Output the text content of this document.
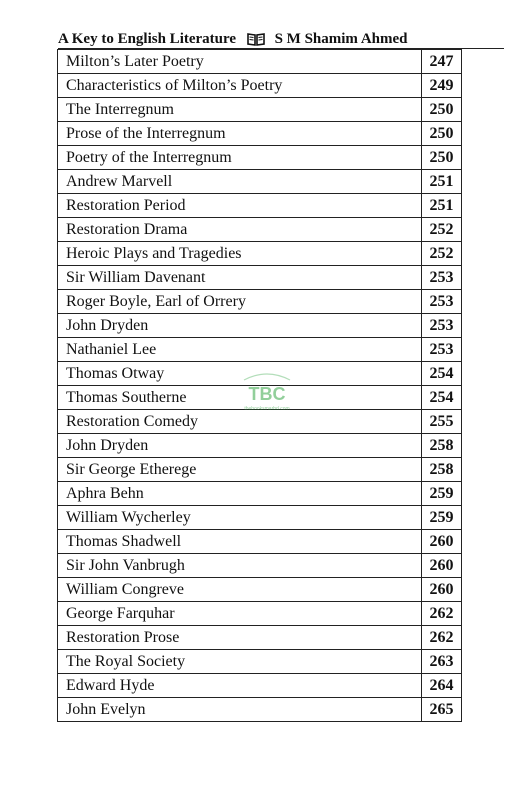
A Key to English Literature	S M Shamim Ahmed
Milton’s Later Poetry	247
Characteristics of Milton’s Poetry	249
The Interregnum	250
Prose of the Interregnum	250
Poetry of the Interregnum	250
Andrew Marvell	251
Restoration Period	251
Restoration Drama	252
Heroic Plays and Tragedies	252
Sir William Davenant	253
Roger Boyle, Earl of Orrery	253
John Dryden	253
Nathaniel Lee	253
Thomas Otway	254
Thomas Southerne	254
Restoration Comedy	255
John Dryden	258
Sir George Etherege	258
Aphra Behn	259
William Wycherley	259
Thomas Shadwell	260
Sir John Vanbrugh	260
William Congreve	260
George Farquhar	262
Restoration Prose	262
The Royal Society	263
Edward Hyde	264
John Evelyn	265
TBC
thebooksmarbd.com
